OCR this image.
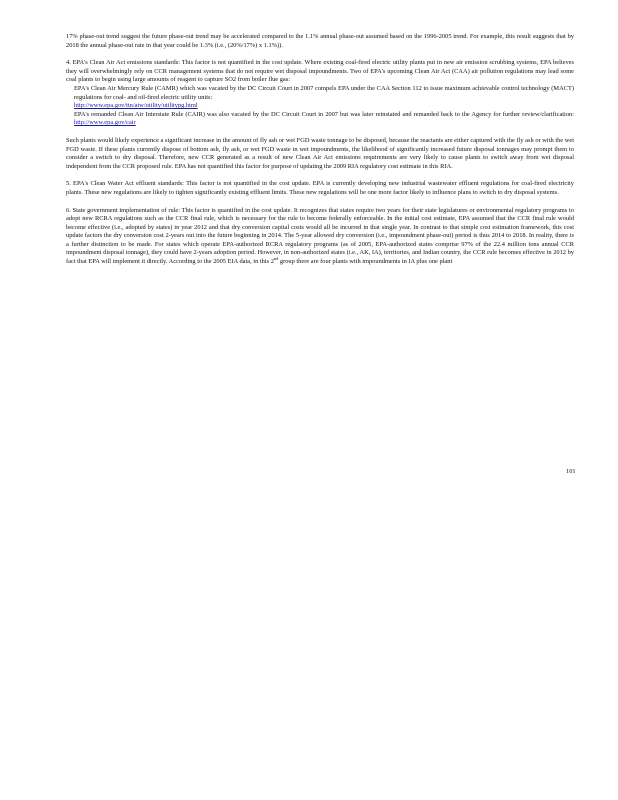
17% phase-out trend suggest the future phase-out trend may be accelerated compared to the 1.1% annual phase-out assumed based on the 1996-2005 trend. For example, this result suggests that by 2018 the annual phase-out rate in that year could be 1.3% (i.e., (20%/17%) x 1.1%)).

4. EPA's Clean Air Act emissions standards: This factor is not quantified in the cost update. Where existing coal-fired electric utility plants put in new air emission scrubbing systems, EPA believes they will overwhelmingly rely on CCR management systems that do not require wet disposal impoundments. Two of EPA's upcoming Clean Air Act (CAA) air pollution regulations may lead some coal plants to begin using large amounts of reagent to capture SO2 from boiler flue gas:

EPA's Clean Air Mercury Rule (CAMR) which was vacated by the DC Circuit Court in 2007 compels EPA under the CAA Section 112 to issue maximum achievable control technology (MACT) regulations for coal- and oil-fired electric utility units:
http://www.epa.gov/ttn/atw/utility/utilitypg.html
EPA's remanded Clean Air Interstate Rule (CAIR) was also vacated by the DC Circuit Court in 2007 but was later reinstated and remanded back to the Agency for further review/clarification: http://www.epa.gov/cair

Such plants would likely experience a significant increase in the amount of fly ash or wet FGD waste tonnage to be disposed, because the reactants are either captured with the fly ash or with the wet FGD waste. If these plants currently dispose of bottom ash, fly ash, or wet FGD waste in wet impoundments, the likelihood of significantly increased future disposal tonnages may prompt them to consider a switch to dry disposal. Therefore, new CCR generated as a result of new Clean Air Act emissions requirements are very likely to cause plants to switch away from wet disposal independent from the CCR proposed rule. EPA has not quantified this factor for purpose of updating the 2009 RIA regulatory cost estimate in this RIA.

5. EPA's Clean Water Act effluent standards: This factor is not quantified in the cost update. EPA is currently developing new industrial wastewater effluent regulations for coal-fired electricity plants. These new regulations are likely to tighten significantly existing effluent limits. These new regulations will be one more factor likely to influence plans to switch to dry disposal systems.

6. State government implementation of rule: This factor is quantified in the cost update. It recognizes that states require two years for their state legislatures or environmental regulatory programs to adopt new RCRA regulations such as the CCR final rule, which is necessary for the rule to become federally enforceable. In the initial cost estimate, EPA assumed that the CCR final rule would become effective (i.e., adopted by states) in year 2012 and that dry conversion capital costs would all be incurred in that single year. In contrast to that simple cost estimation framework, this cost update factors the dry conversion cost 2-years out into the future beginning in 2014. The 5-year allowed dry conversion (i.e., impoundment phase-out) period is thus 2014 to 2018. In reality, there is a further distinction to be made. For states which operate EPA-authorized RCRA regulatory programs (as of 2005, EPA-authorized states comprise 97% of the 22.4 million tons annual CCR impoundment disposal tonnage), they could have 2-years adoption period. However, in non-authorized states (i.e., AK, IA), territories, and Indian country, the CCR rule becomes effective in 2012 by fact that EPA will implement it directly. According to the 2005 EIA data, in this 2nd group there are four plants with impoundments in IA plus one plant

101
